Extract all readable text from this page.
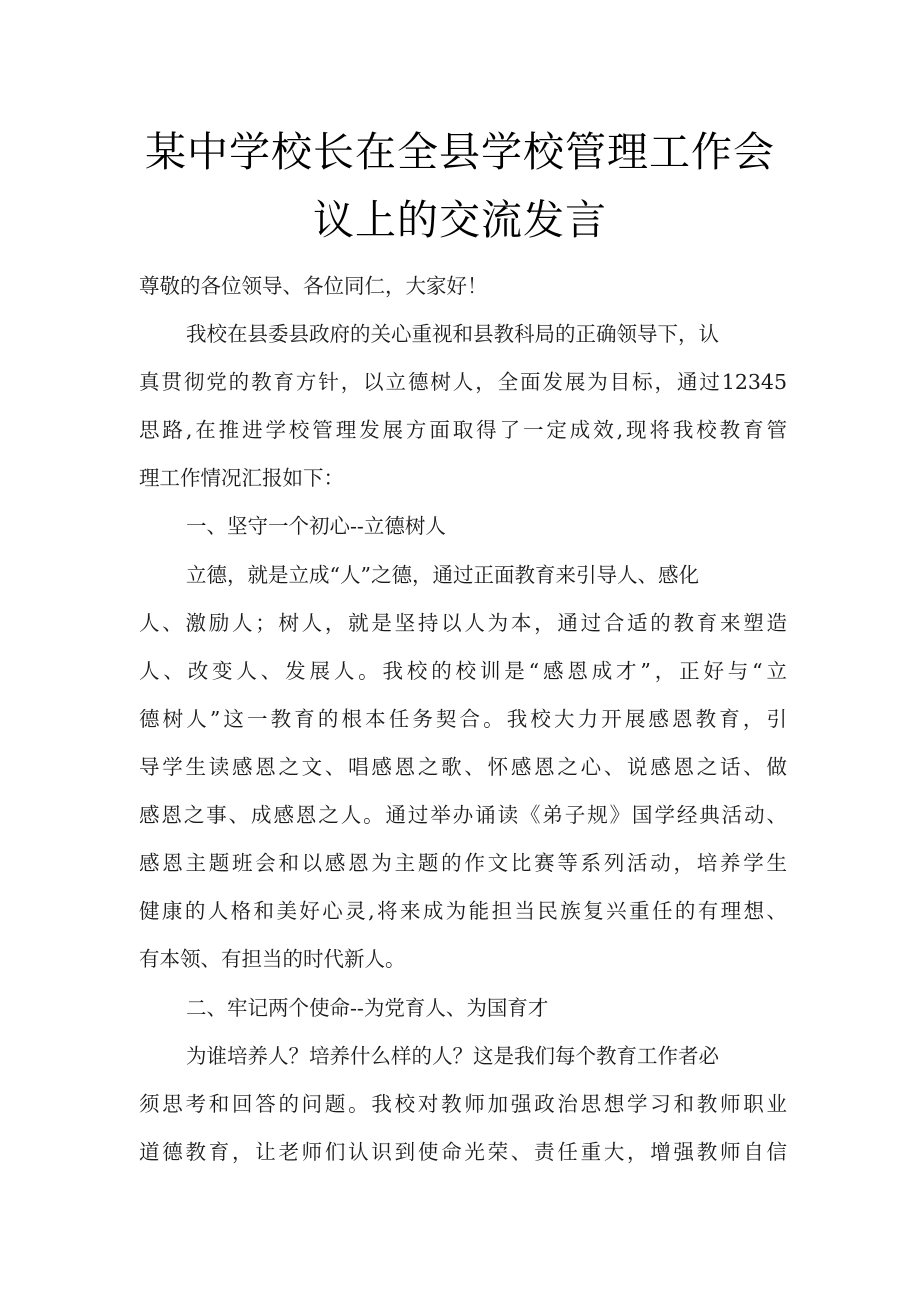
某中学校长在全县学校管理工作会
议上的交流发言
尊敬的各位领导、各位同仁，大家好！
我校在县委县政府的关心重视和县教科局的正确领导下，认
真贯彻党的教育方针，以立德树人，全面发展为目标，通过12345
思路,在推进学校管理发展方面取得了一定成效,现将我校教育管
理工作情况汇报如下：
一、坚守一个初心--立德树人
立德，就是立成“人”之德，通过正面教育来引导人、感化
人、激励人；树人，就是坚持以人为本，通过合适的教育来塑造
人、改变人、发展人。我校的校训是“感恩成才”，正好与“立
德树人”这一教育的根本任务契合。我校大力开展感恩教育，引
导学生读感恩之文、唱感恩之歌、怀感恩之心、说感恩之话、做
感恩之事、成感恩之人。通过举办诵读《弟子规》国学经典活动、
感恩主题班会和以感恩为主题的作文比赛等系列活动，培养学生
健康的人格和美好心灵,将来成为能担当民族复兴重任的有理想、
有本领、有担当的时代新人。
二、牢记两个使命--为党育人、为国育才
为谁培养人？培养什么样的人？这是我们每个教育工作者必
须思考和回答的问题。我校对教师加强政治思想学习和教师职业
道德教育，让老师们认识到使命光荣、责任重大，增强教师自信
